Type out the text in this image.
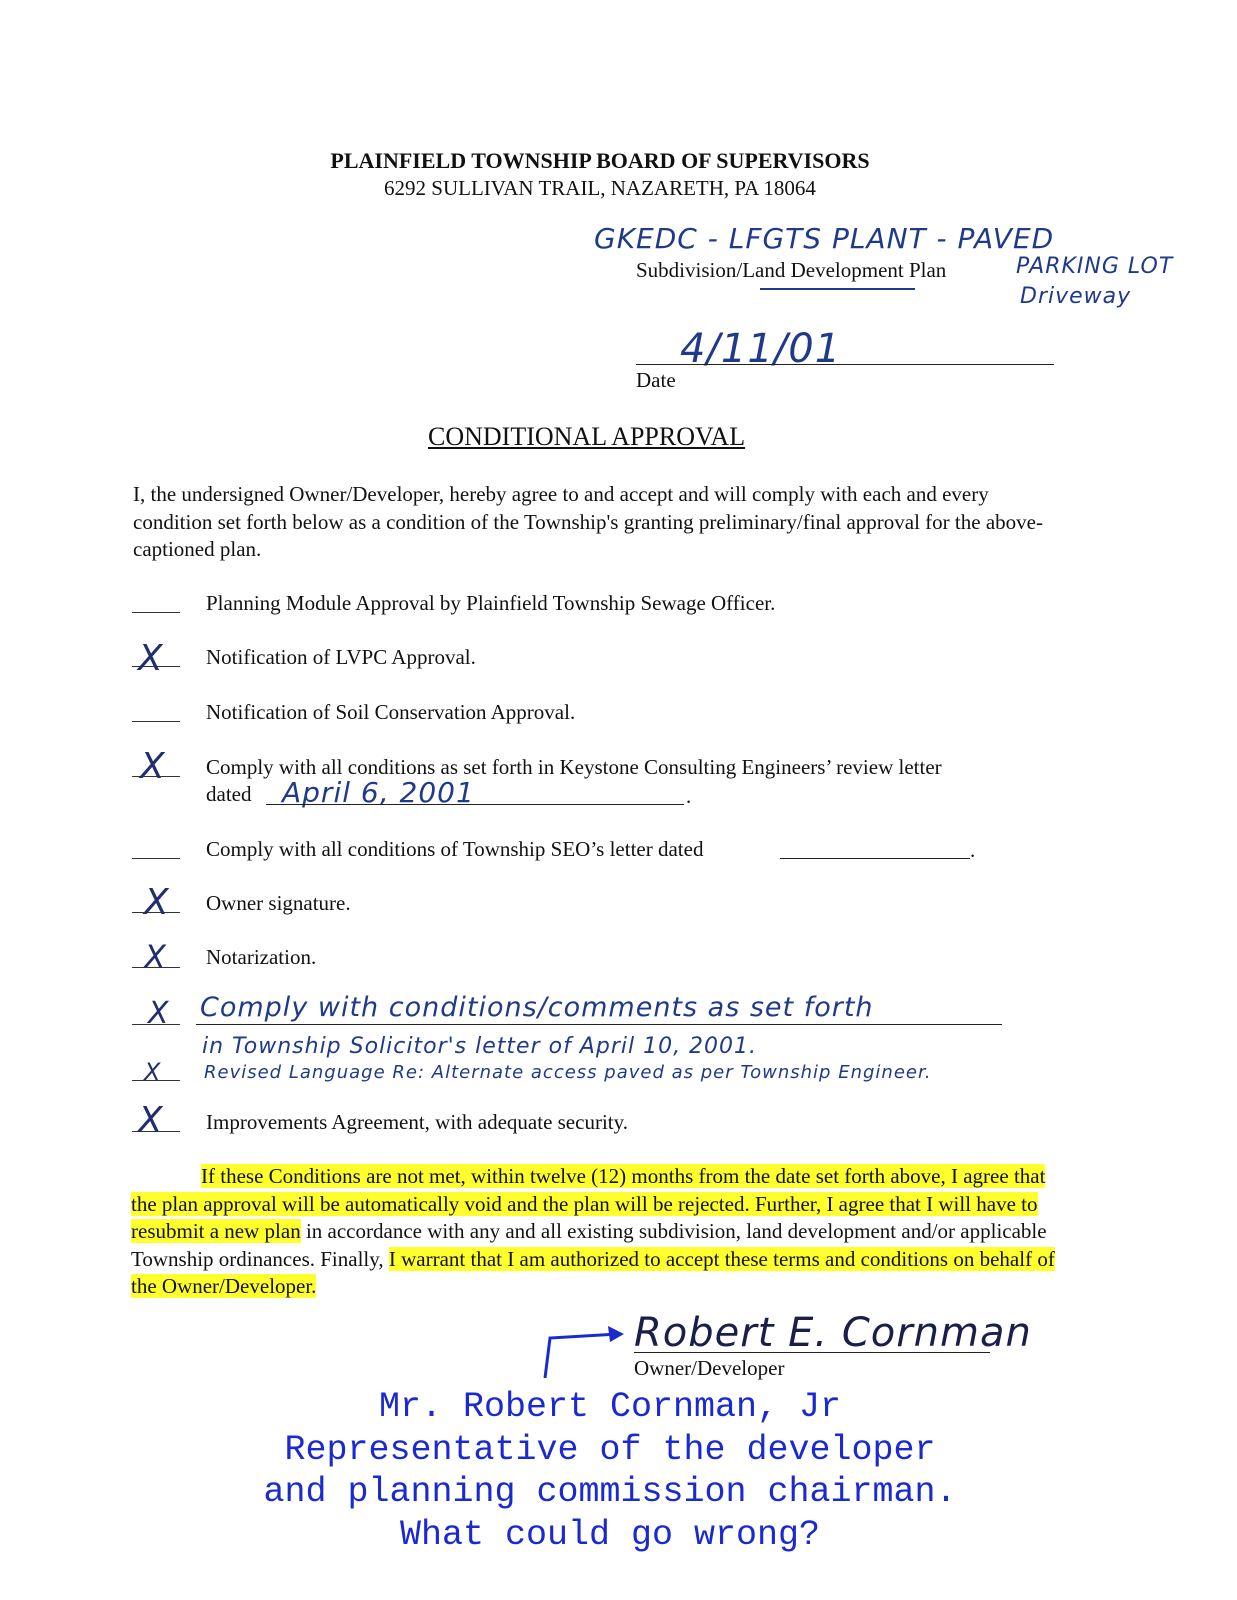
PLAINFIELD TOWNSHIP BOARD OF SUPERVISORS
6292 SULLIVAN TRAIL, NAZARETH, PA 18064
GKEDC - LFGTS PLANT - PAVED
PARKING LOT
Driveway
Subdivision/Land Development Plan
4/11/01
Date
CONDITIONAL APPROVAL
I, the undersigned Owner/Developer, hereby agree to and accept and will comply with each and every condition set forth below as a condition of the Township's granting preliminary/final approval for the above-captioned plan.
Planning Module Approval by Plainfield Township Sewage Officer.
X Notification of LVPC Approval.
Notification of Soil Conservation Approval.
X Comply with all conditions as set forth in Keystone Consulting Engineers’ review letter
dated April 6, 2001	.
Comply with all conditions of Township SEO’s letter dated	.
X Owner signature.
X Notarization.
X Comply with conditions/comments as set forth
in Township Solicitor's letter of April 10, 2001.
X Revised Language Re: Alternate access paved as per Township Engineer.
X Improvements Agreement, with adequate security.
If these Conditions are not met, within twelve (12) months from the date set forth above, I agree that the plan approval will be automatically void and the plan will be rejected. Further, I agree that I will have to resubmit a new plan in accordance with any and all existing subdivision, land development and/or applicable Township ordinances. Finally, I warrant that I am authorized to accept these terms and conditions on behalf of the Owner/Developer.
Robert E. Cornman
Owner/Developer
Mr. Robert Cornman, Jr
Representative of the developer
and planning commission chairman.
What could go wrong?
